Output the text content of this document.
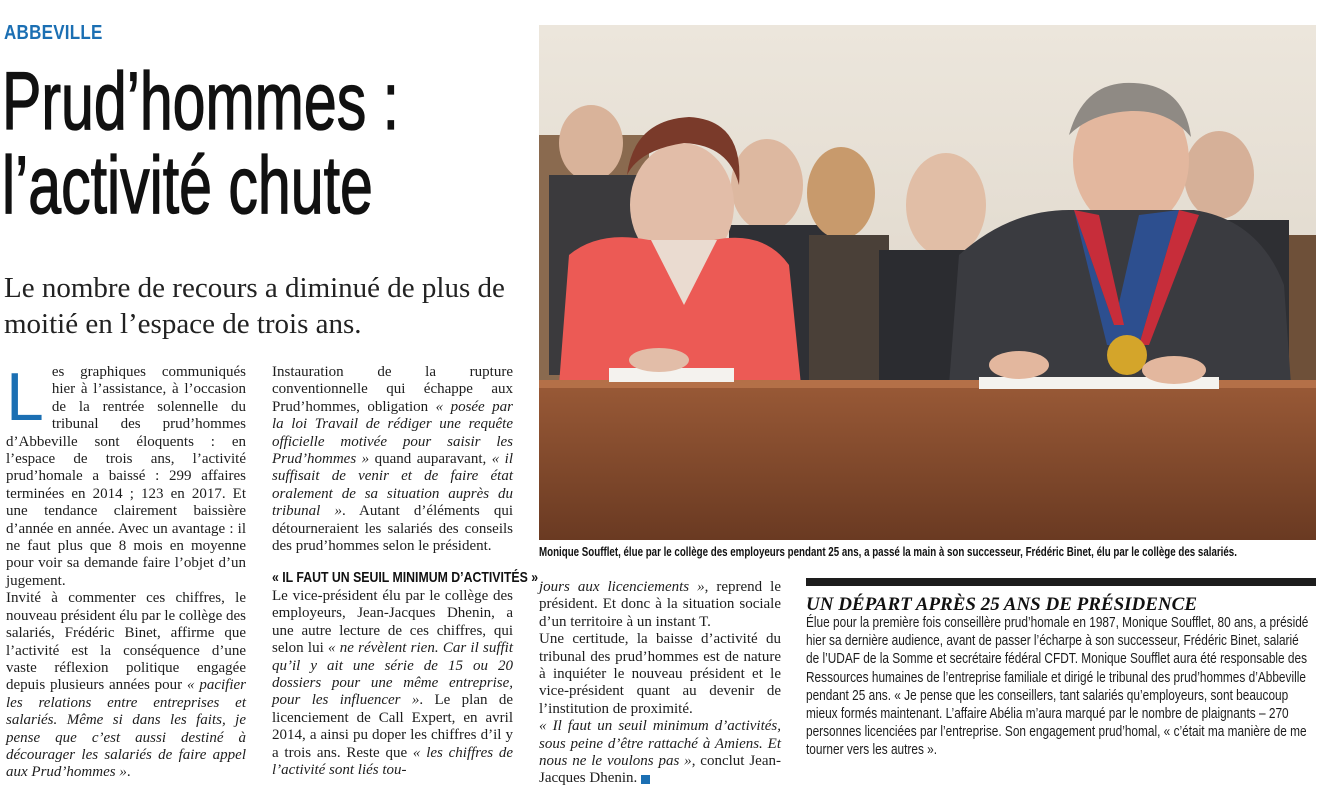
ABBEVILLE
Prud’hommes :
l’activité chute

Le nombre de recours a diminué de plus de moitié en l’espace de trois ans.

L es graphiques communiqués hier à l’assistance, à l’occasion de la rentrée solennelle du tribunal des prud’hommes d’Abbeville sont éloquents : en l’espace de trois ans, l’activité prud’homale a baissé : 299 affaires terminées en 2014 ; 123 en 2017. Et une tendance clairement baissière d’année en année. Avec un avantage : il ne faut plus que 8 mois en moyenne pour voir sa demande faire l’objet d’un jugement.

Invité à commenter ces chiffres, le nouveau président élu par le collège des salariés, Frédéric Binet, affirme que l’activité est la conséquence d’une vaste réflexion politique engagée depuis plusieurs années pour « pacifier les relations entre entreprises et salariés. Même si dans les faits, je pense que c’est aussi destiné à décourager les salariés de faire appel aux Prud’hommes ».

Instauration de la rupture conventionnelle qui échappe aux Prud’hommes, obligation « posée par la loi Travail de rédiger une requête officielle motivée pour saisir les Prud’hommes » quand auparavant, « il suffisait de venir et de faire état oralement de sa situation auprès du tribunal ». Autant d’éléments qui détourneraient les salariés des conseils des prud’hommes selon le président.

« IL FAUT UN SEUIL MINIMUM D’ACTIVITÉS »

Le vice-président élu par le collège des employeurs, Jean-Jacques Dhenin, a une autre lecture de ces chiffres, qui selon lui « ne révèlent rien. Car il suffit qu’il y ait une série de 15 ou 20 dossiers pour une même entreprise, pour les influencer ». Le plan de licenciement de Call Expert, en avril 2014, a ainsi pu doper les chiffres d’il y a trois ans. Reste que « les chiffres de l’activité sont liés tou-

jours aux licenciements », reprend le président. Et donc à la situation sociale d’un territoire à un instant T.

Une certitude, la baisse d’activité du tribunal des prud’hommes est de nature à inquiéter le nouveau président et le vice-président quant au devenir de l’institution de proximité.

« Il faut un seuil minimum d’activités, sous peine d’être rattaché à Amiens. Et nous ne le voulons pas », conclut Jean-Jacques Dhenin.

Monique Soufflet, élue par le collège des employeurs pendant 25 ans, a passé la main à son successeur, Frédéric Binet, élu par le collège des salariés.
UN DÉPART APRÈS 25 ANS DE PRÉSIDENCE
Élue pour la première fois conseillère prud’homale en 1987, Monique Soufflet, 80 ans, a présidé hier sa dernière audience, avant de passer l’écharpe à son successeur, Frédéric Binet, salarié de l’UDAF de la Somme et secrétaire fédéral CFDT. Monique Soufflet aura été responsable des Ressources humaines de l’entreprise familiale et dirigé le tribunal des prud’hommes d’Abbeville pendant 25 ans. « Je pense que les conseillers, tant salariés qu’employeurs, sont beaucoup mieux formés maintenant. L’affaire Abélia m’aura marqué par le nombre de plaignants – 270 personnes licenciées par l’entreprise. Son engagement prud’homal, « c’était ma manière de me tourner vers les autres ».
